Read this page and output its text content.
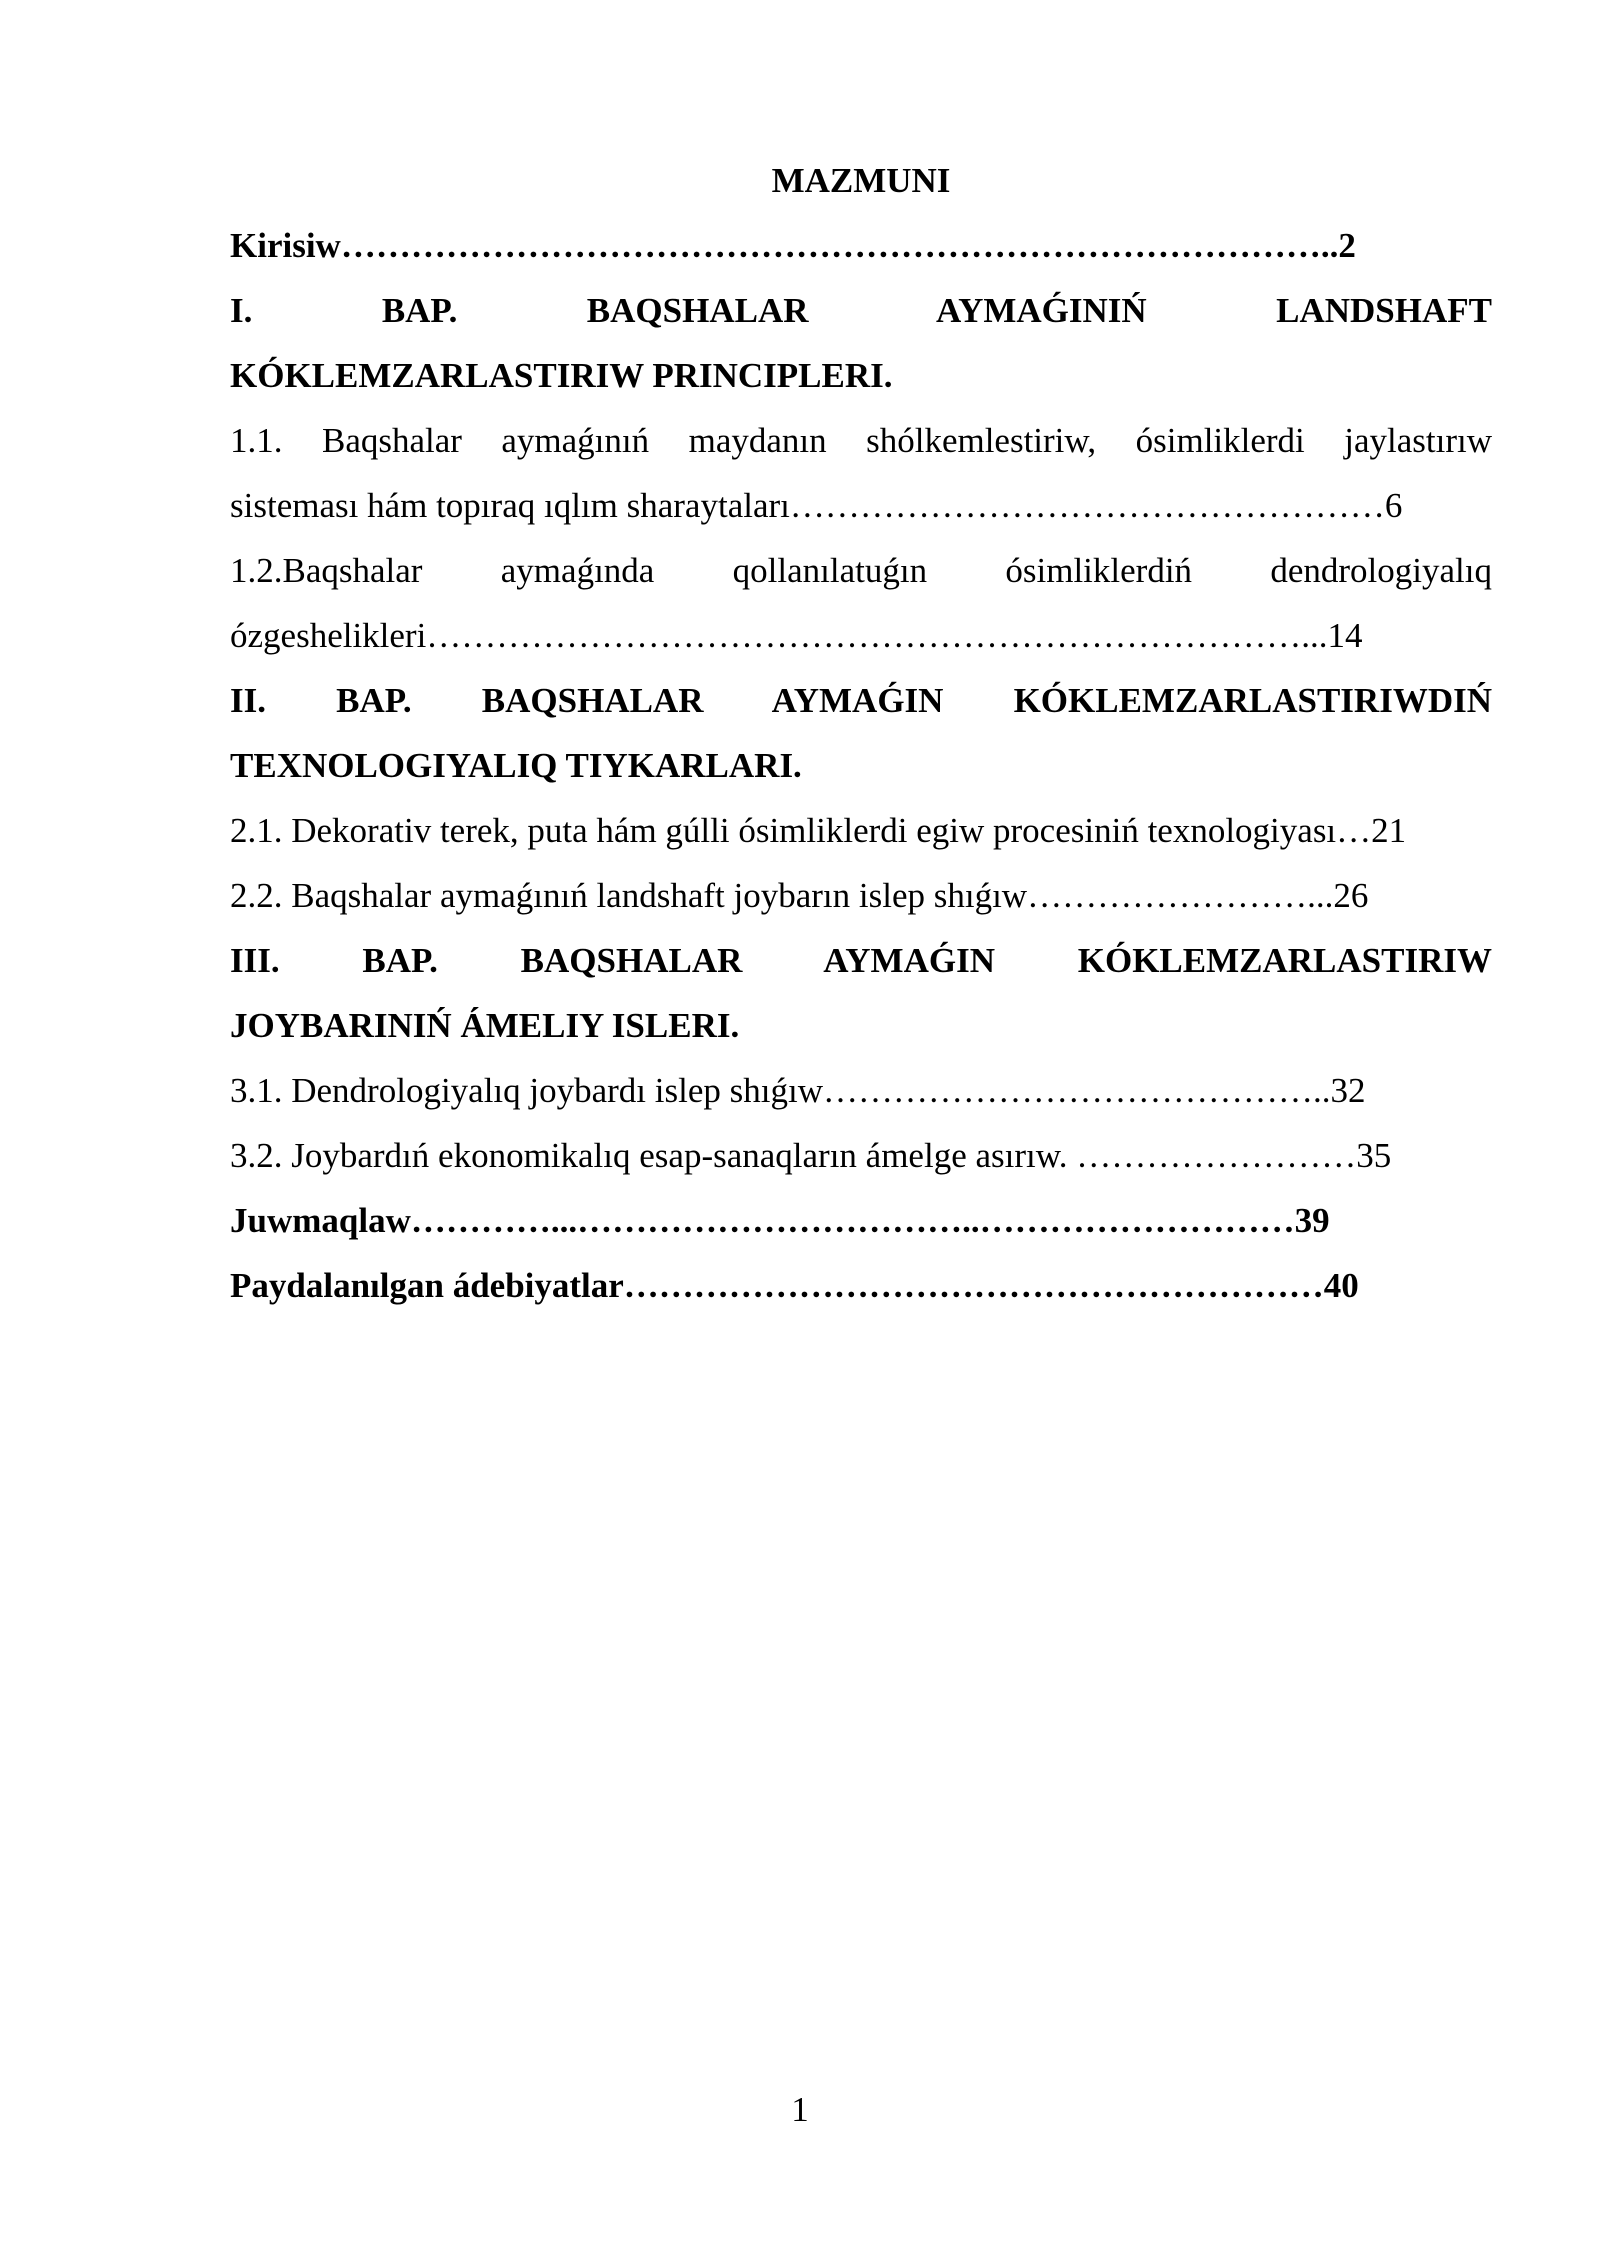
MAZMUNI
Kirisiw…………………………………………………………………………..2
I. BAP. BAQSHALAR AYMAǴINIŃ LANDSHAFT
KÓKLEMZARLASTIRIW PRINCIPLERI.
1.1. Baqshalar aymaǵınıń maydanın shólkemlestiriw, ósimliklerdi jaylastırıw
sisteması hám topıraq ıqlım sharaytaları……………………………………………6
1.2.Baqshalar aymaǵında qollanılatuǵın ósimliklerdiń dendrologiyalıq
ózgeshelikleri…………………………………………………………………...14
II. BAP. BAQSHALAR AYMAǴIN KÓKLEMZARLASTIRIWDIŃ
TEXNOLOGIYALIQ TIYKARLARI.
2.1. Dekorativ terek, puta hám gúlli ósimliklerdi egiw procesiniń texnologiyası…21
2.2. Baqshalar aymaǵınıń landshaft joybarın islep shıǵıw……………………...26
III. BAP. BAQSHALAR AYMAǴIN KÓKLEMZARLASTIRIW
JOYBARINIŃ ÁMELIY ISLERI.
3.1. Dendrologiyalıq joybardı islep shıǵıw……………………………………..32
3.2. Joybardıń ekonomikalıq esap-sanaqların ámelge asırıw. ……………………35
Juwmaqlaw…………...……………………………..………………………39
Paydalanılgan ádebiyatlar……………………………………………………40
1
